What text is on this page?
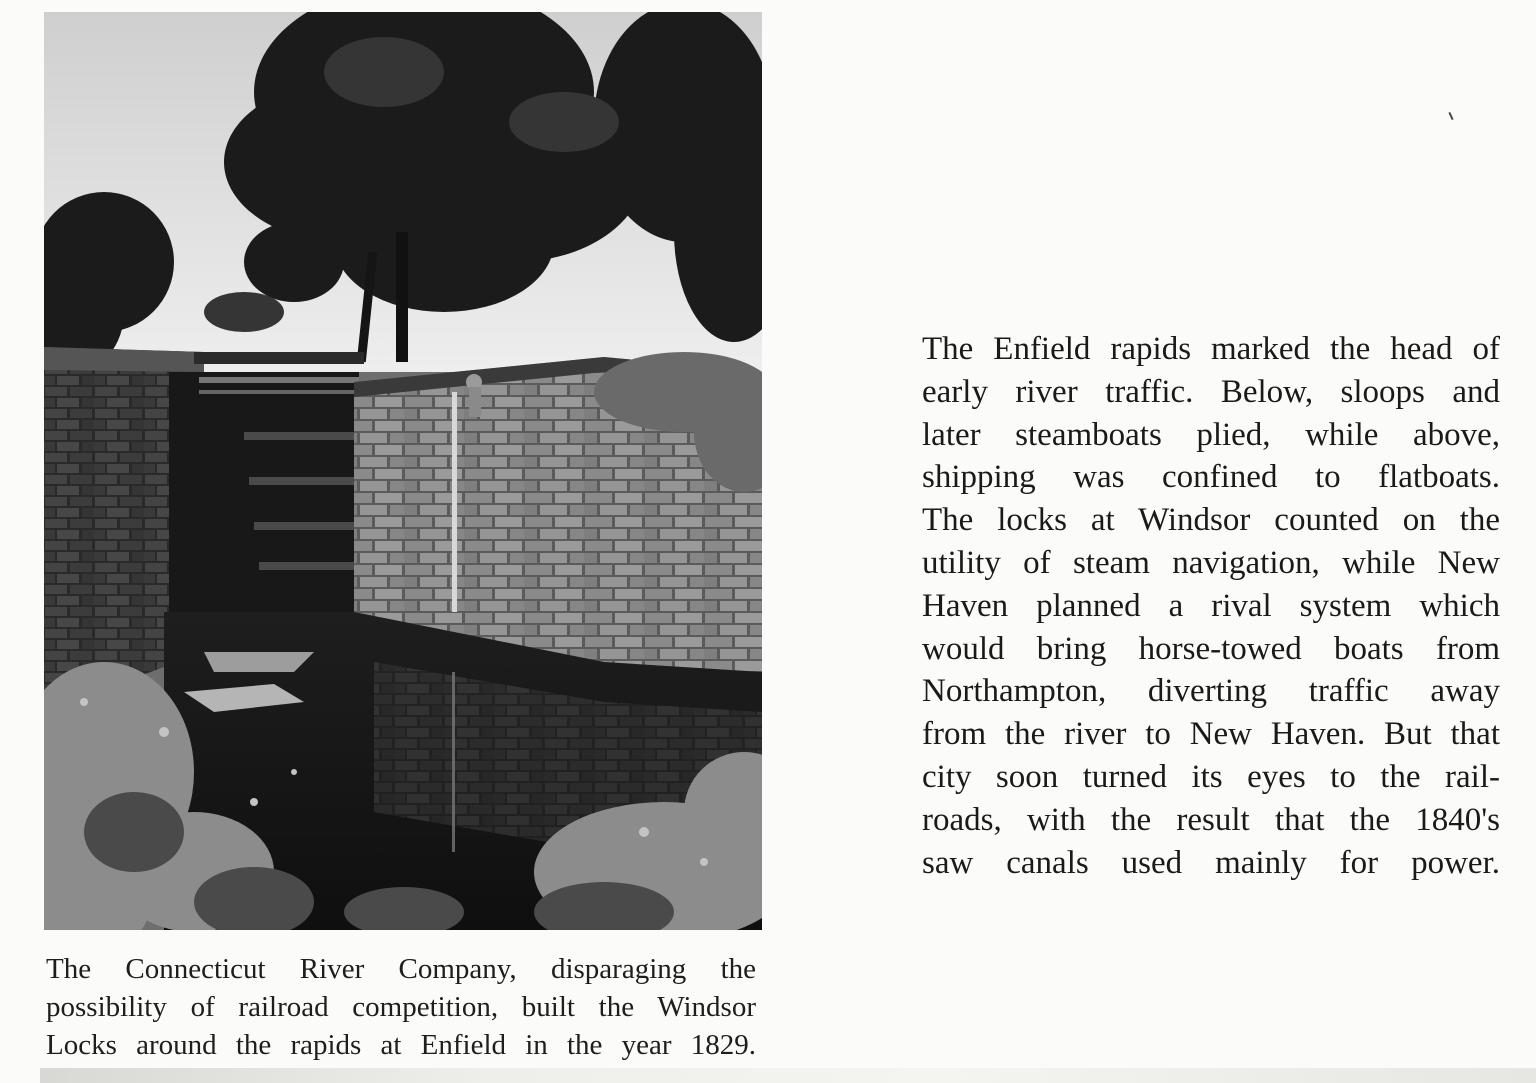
The Connecticut River Company, disparaging the
possibility of railroad competition, built the Windsor
Locks around the rapids at Enfield in the year 1829.
The Enfield rapids marked the head of
early river traffic. Below, sloops and
later steamboats plied, while above,
shipping was confined to flatboats.
The locks at Windsor counted on the
utility of steam navigation, while New
Haven planned a rival system which
would bring horse-towed boats from
Northampton, diverting traffic away
from the river to New Haven. But that
city soon turned its eyes to the rail-
roads, with the result that the 1840's
saw canals used mainly for power.
